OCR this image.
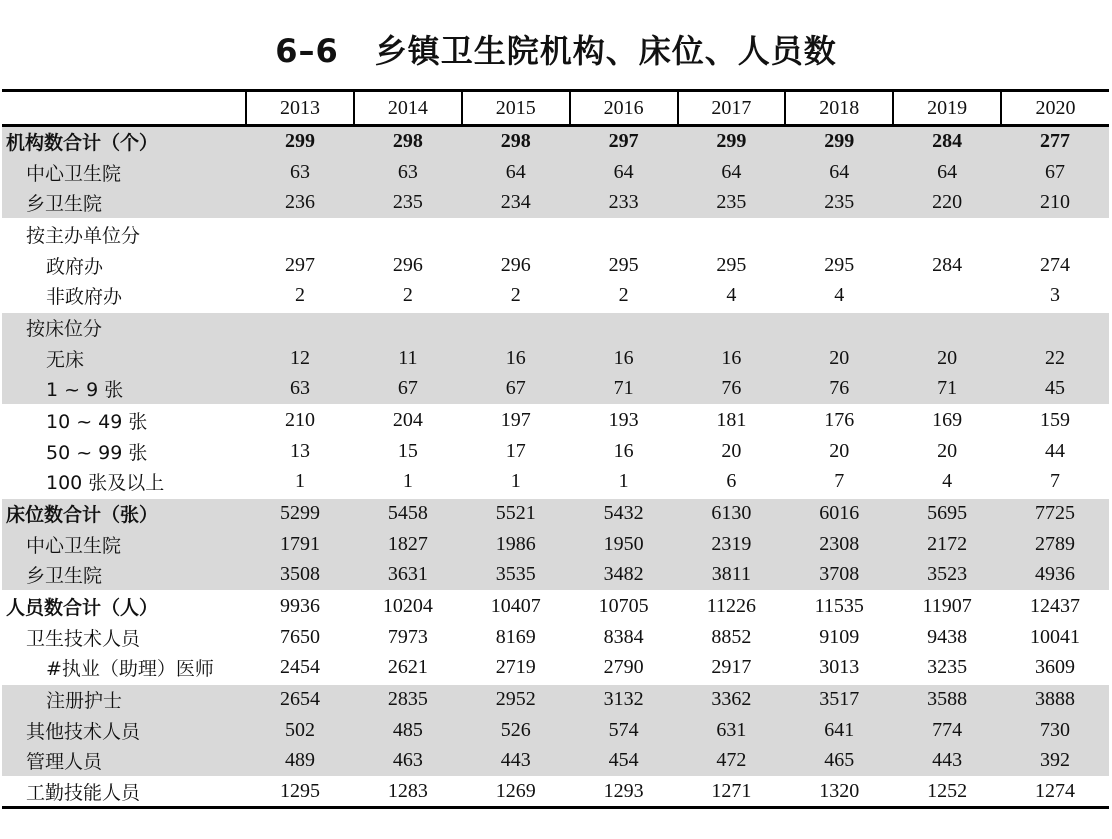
6–6 乡镇卫生院机构、床位、人员数
	2013	2014	2015	2016	2017	2018	2019	2020
机构数合计（个）	299	298	298	297	299	299	284	277
中心卫生院	63	63	64	64	64	64	64	67
乡卫生院	236	235	234	233	235	235	220	210
按主办单位分								
政府办	297	296	296	295	295	295	284	274
非政府办	2	2	2	2	4	4		3
按床位分								
无床	12	11	16	16	16	20	20	22
1 ~ 9 张	63	67	67	71	76	76	71	45
10 ~ 49 张	210	204	197	193	181	176	169	159
50 ~ 99 张	13	15	17	16	20	20	20	44
100 张及以上	1	1	1	1	6	7	4	7
床位数合计（张）	5299	5458	5521	5432	6130	6016	5695	7725
中心卫生院	1791	1827	1986	1950	2319	2308	2172	2789
乡卫生院	3508	3631	3535	3482	3811	3708	3523	4936
人员数合计（人）	9936	10204	10407	10705	11226	11535	11907	12437
卫生技术人员	7650	7973	8169	8384	8852	9109	9438	10041
#执业（助理）医师	2454	2621	2719	2790	2917	3013	3235	3609
注册护士	2654	2835	2952	3132	3362	3517	3588	3888
其他技术人员	502	485	526	574	631	641	774	730
管理人员	489	463	443	454	472	465	443	392
工勤技能人员	1295	1283	1269	1293	1271	1320	1252	1274
